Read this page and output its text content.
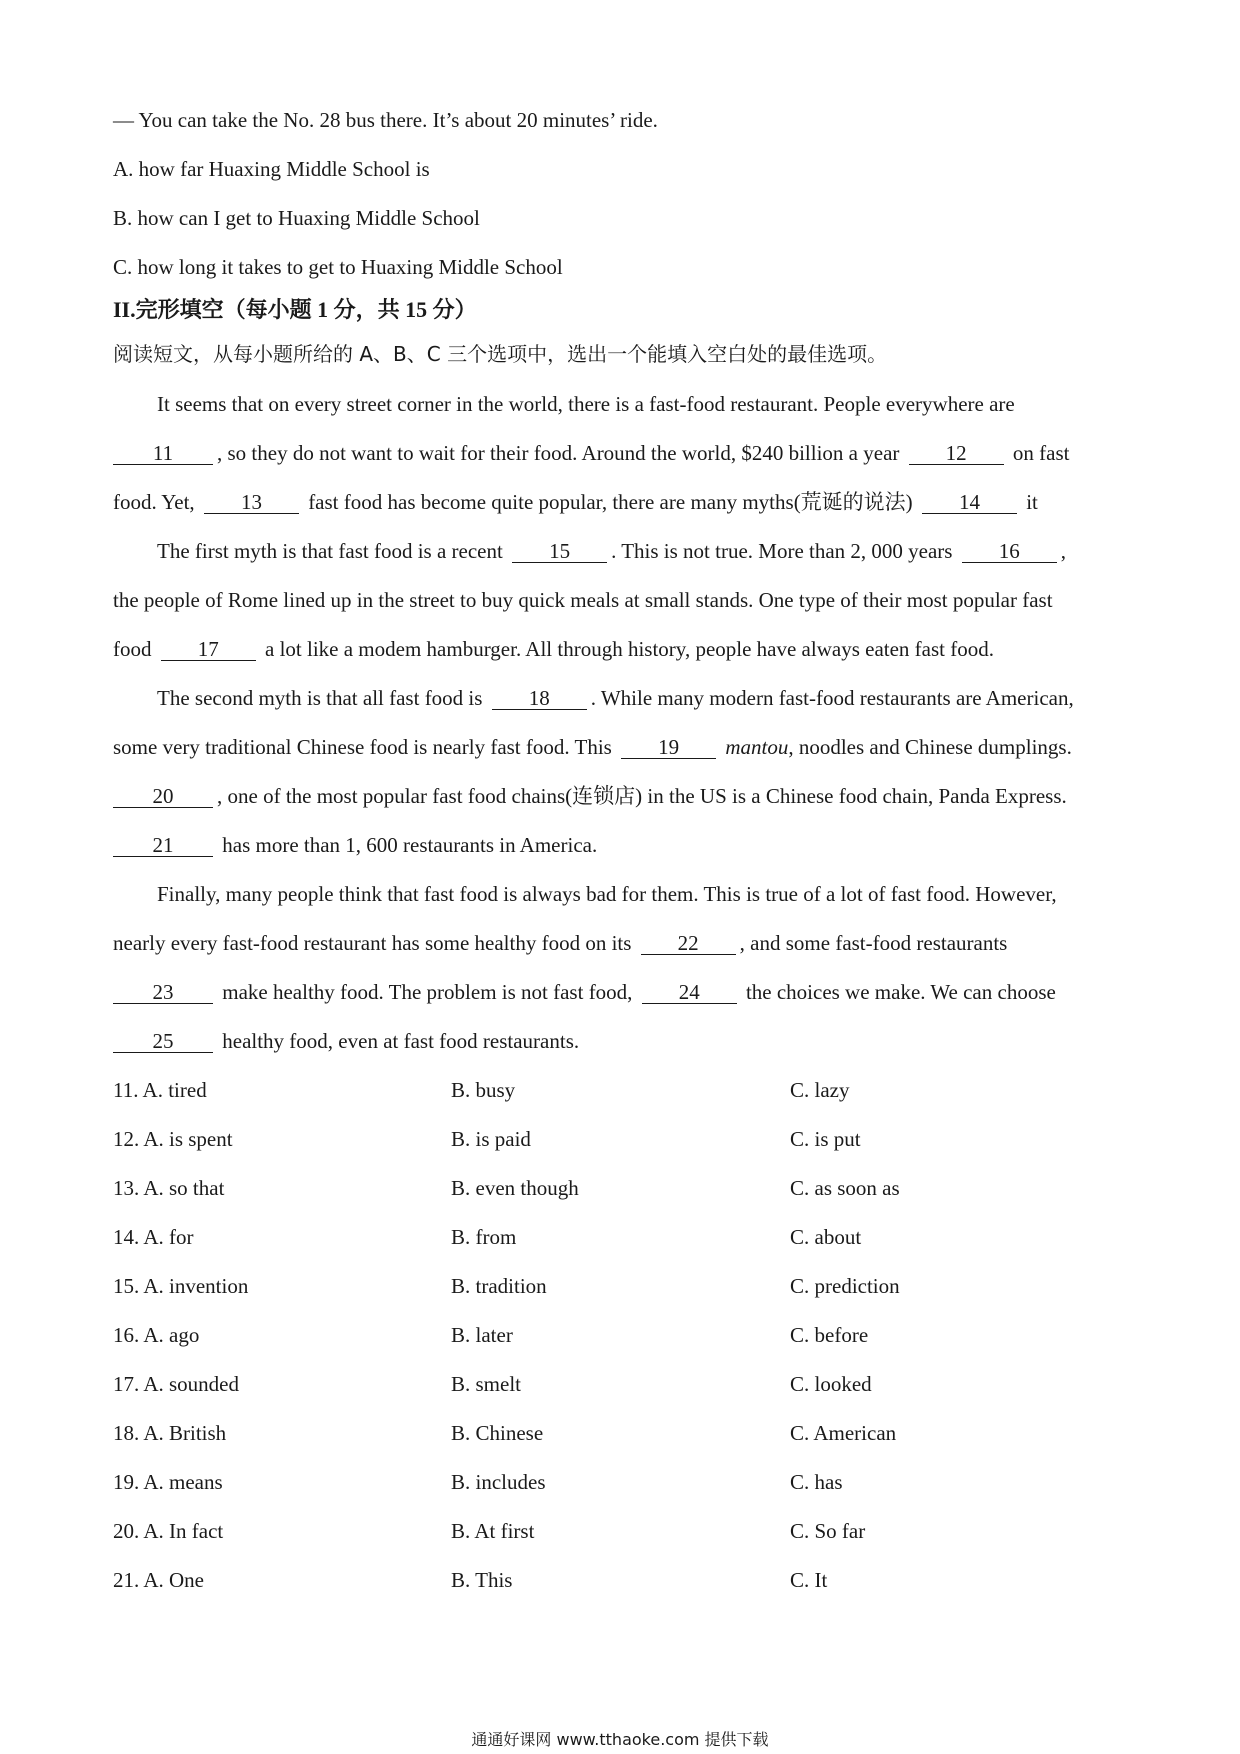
— You can take the No. 28 bus there. It’s about 20 minutes’ ride.
A. how far Huaxing Middle School is
B. how can I get to Huaxing Middle School
C. how long it takes to get to Huaxing Middle School
II.完形填空（每小题 1 分，共 15 分）
阅读短文，从每小题所给的 A、B、C 三个选项中，选出一个能填入空白处的最佳选项。
It seems that on every street corner in the world, there is a fast-food restaurant. People everywhere are
11 , so they do not want to wait for their food. Around the world, $240 billion a year 12 on fast
food. Yet, 13 fast food has become quite popular, there are many myths(荒诞的说法) 14 it
The first myth is that fast food is a recent 15 . This is not true. More than 2, 000 years 16 ,
the people of Rome lined up in the street to buy quick meals at small stands. One type of their most popular fast
food 17 a lot like a modem hamburger. All through history, people have always eaten fast food.
The second myth is that all fast food is 18 . While many modern fast-food restaurants are American,
some very traditional Chinese food is nearly fast food. This 19 mantou, noodles and Chinese dumplings.
20 , one of the most popular fast food chains(连锁店) in the US is a Chinese food chain, Panda Express.
21 has more than 1, 600 restaurants in America.
Finally, many people think that fast food is always bad for them. This is true of a lot of fast food. However,
nearly every fast-food restaurant has some healthy food on its 22 , and some fast-food restaurants
23 make healthy food. The problem is not fast food, 24 the choices we make. We can choose
25 healthy food, even at fast food restaurants.
11. A. tired	B. busy	C. lazy
12. A. is spent	B. is paid	C. is put
13. A. so that	B. even though	C. as soon as
14. A. for	B. from	C. about
15. A. invention	B. tradition	C. prediction
16. A. ago	B. later	C. before
17. A. sounded	B. smelt	C. looked
18. A. British	B. Chinese	C. American
19. A. means	B. includes	C. has
20. A. In fact	B. At first	C. So far
21. A. One	B. This	C. It
通通好课网 www.tthaoke.com 提供下载
